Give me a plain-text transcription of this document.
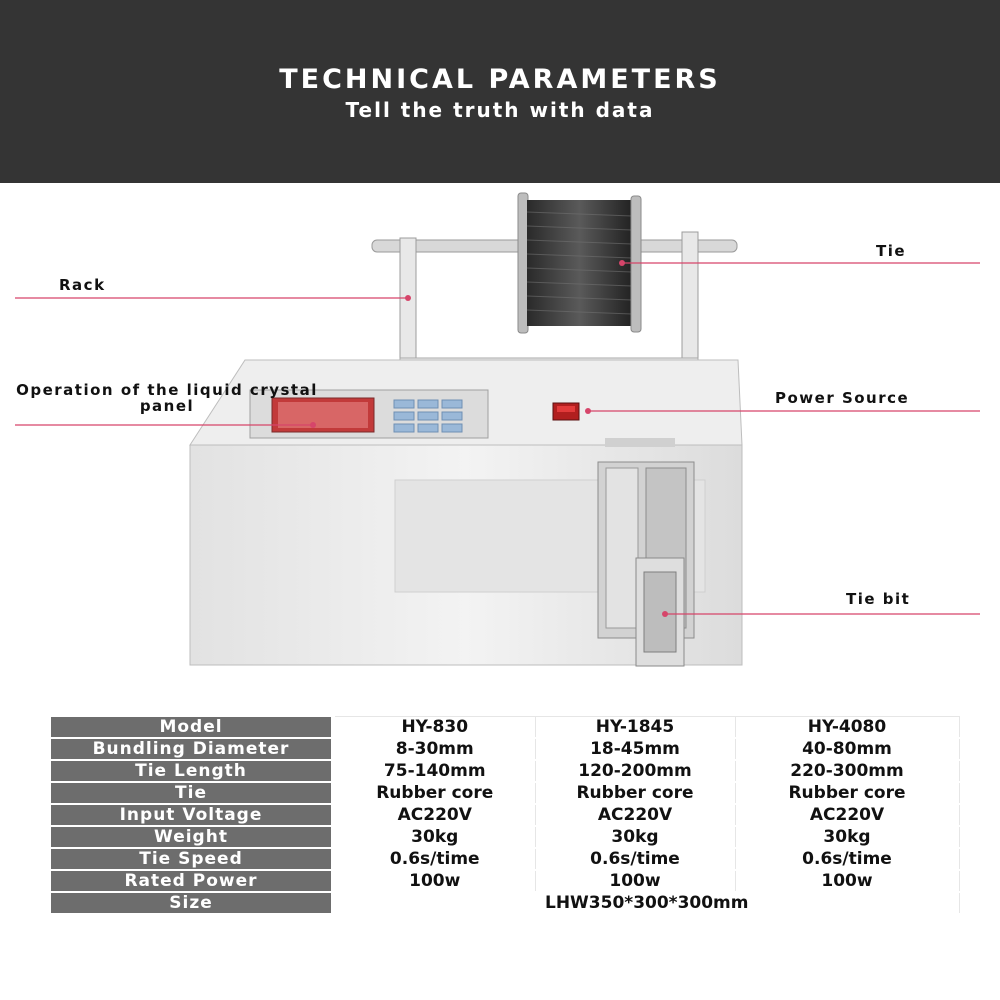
TECHNICAL PARAMETERS
Tell the truth with data
Tie
Rack
Operation of the liquid crystal panel	Power Source
Tie bit
Model	HY-830	HY-1845	HY-4080
Bundling Diameter	8-30mm	18-45mm	40-80mm
Tie Length	75-140mm	120-200mm	220-300mm
Tie	Rubber core	Rubber core	Rubber core
Input Voltage	AC220V	AC220V	AC220V
Weight	30kg	30kg	30kg
Tie Speed	0.6s/time	0.6s/time	0.6s/time
Rated Power	100w	100w	100w
Size	LHW350*300*300mm		
